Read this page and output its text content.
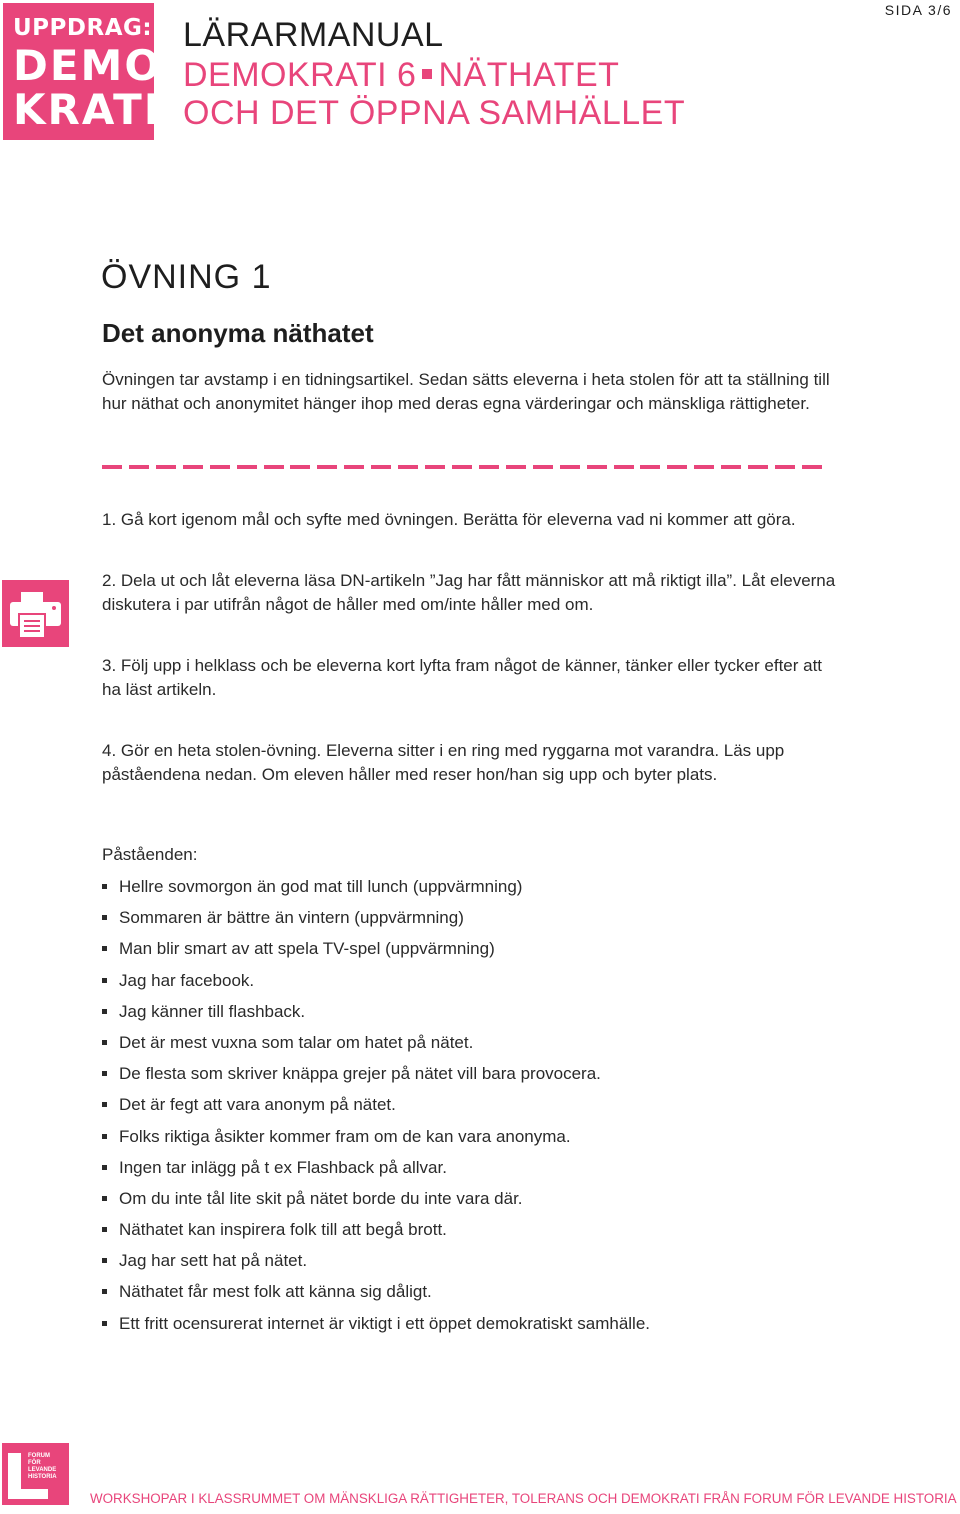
UPPDRAG:
DEMO
KRATI
LÄRARMANUAL
DEMOKRATI 6 NÄTHATET
OCH DET ÖPPNA SAMHÄLLET
SIDA 3/6
ÖVNING 1
Det anonyma näthatet
Övningen tar avstamp i en tidningsartikel. Sedan sätts eleverna i heta stolen för att ta ställning till hur näthat och anonymitet hänger ihop med deras egna värderingar och mänskliga rättigheter.

1. Gå kort igenom mål och syfte med övningen. Berätta för eleverna vad ni kommer att göra.

2. Dela ut och låt eleverna läsa DN-artikeln ”Jag har fått människor att må riktigt illa”. Låt eleverna diskutera i par utifrån något de håller med om/inte håller med om.

3. Följ upp i helklass och be eleverna kort lyfta fram något de känner, tänker eller tycker efter att ha läst artikeln.

4. Gör en heta stolen-övning. Eleverna sitter i en ring med ryggarna mot varandra. Läs upp påståendena nedan. Om eleven håller med reser hon/han sig upp och byter plats.

Påståenden:
Hellre sovmorgon än god mat till lunch (uppvärmning)
Sommaren är bättre än vintern (uppvärmning)
Man blir smart av att spela TV-spel (uppvärmning)
Jag har facebook.
Jag känner till flashback.
Det är mest vuxna som talar om hatet på nätet.
De flesta som skriver knäppa grejer på nätet vill bara provocera.
Det är fegt att vara anonym på nätet.
Folks riktiga åsikter kommer fram om de kan vara anonyma.
Ingen tar inlägg på t ex Flashback på allvar.
Om du inte tål lite skit på nätet borde du inte vara där.
Näthatet kan inspirera folk till att begå brott.
Jag har sett hat på nätet.
Näthatet får mest folk att känna sig dåligt.
Ett fritt ocensurerat internet är viktigt i ett öppet demokratiskt samhälle.
FORUM
FÖR
LEVANDE
HISTORIA
WORKSHOPAR I KLASSRUMMET OM MÄNSKLIGA RÄTTIGHETER, TOLERANS OCH DEMOKRATI FRÅN FORUM FÖR LEVANDE HISTORIA
